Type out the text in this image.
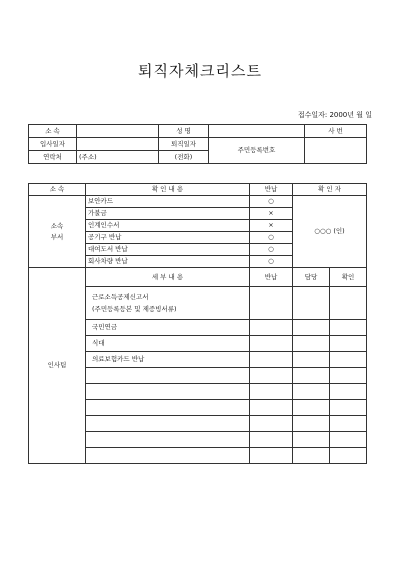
퇴직자체크리스트
접수일자: 2000년 월 일
소 속		성 명		사 번
입사일자		퇴직일자	주민등록번호	
연락처	(주소)	(전화)		
소 속	확 인 내 용	반납	확 인 자	
소속
부서	보안카드	○	○○○ (인)	
	가불금	×		
	인계인수서	×		
	공기구 반납	○		
	대여도서 반납	○		
	회사차량 반납	○		
인사팀	세 부 내 용	반납	담당	확인

	근로소득공제신고서
(주민등록등본 및 제증빙서류)			

	국민연금			
	식대			
	의료보험카드 반납			
